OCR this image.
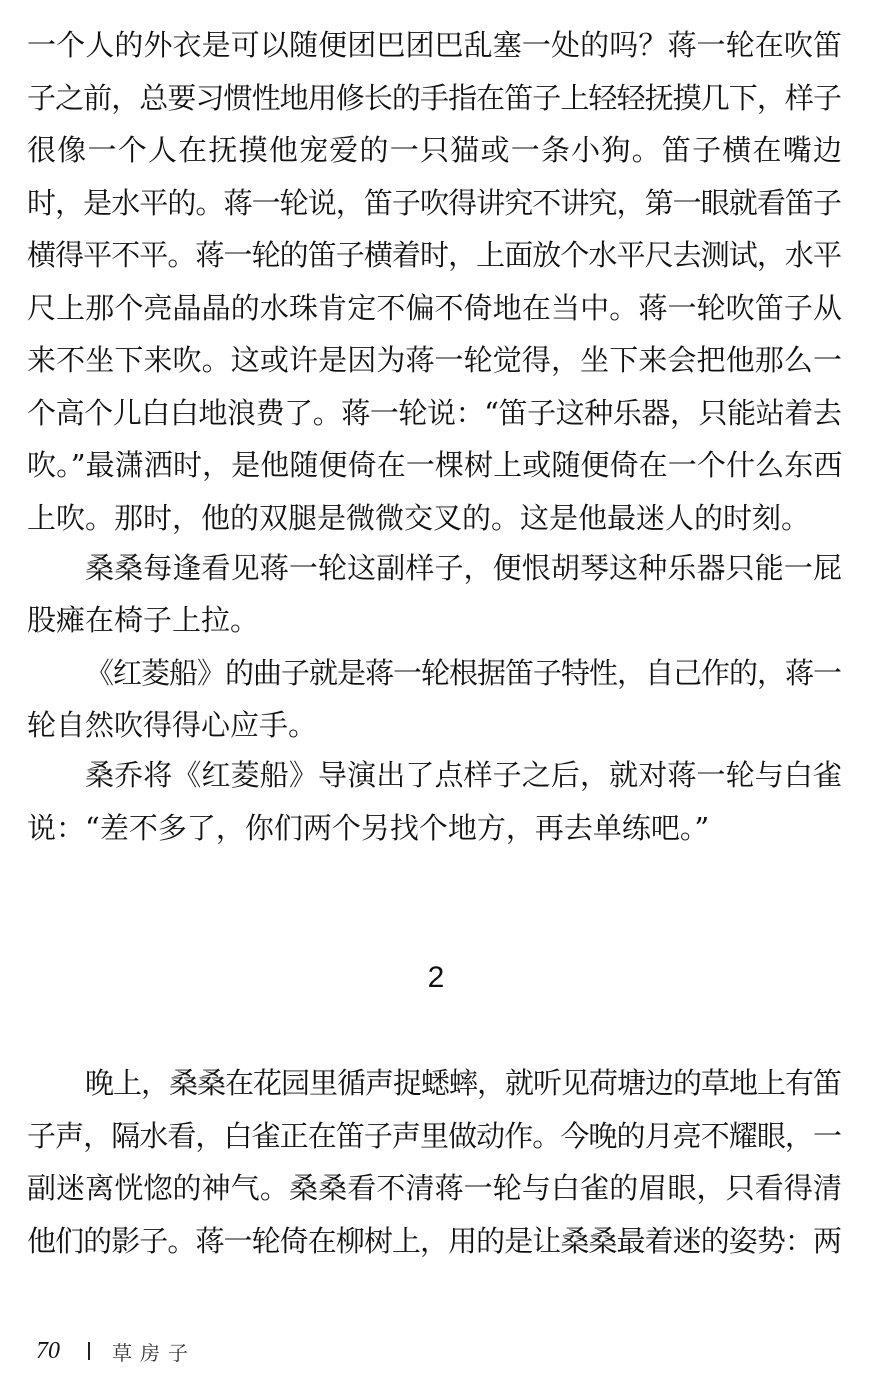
一个人的外衣是可以随便团巴团巴乱塞一处的吗？蒋一轮在吹笛
子之前，总要习惯性地用修长的手指在笛子上轻轻抚摸几下，样子
很像一个人在抚摸他宠爱的一只猫或一条小狗。笛子横在嘴边
时，是水平的。蒋一轮说，笛子吹得讲究不讲究，第一眼就看笛子
横得平不平。蒋一轮的笛子横着时，上面放个水平尺去测试，水平
尺上那个亮晶晶的水珠肯定不偏不倚地在当中。蒋一轮吹笛子从
来不坐下来吹。这或许是因为蒋一轮觉得，坐下来会把他那么一
个高个儿白白地浪费了。蒋一轮说：“笛子这种乐器，只能站着去
吹。”最潇洒时，是他随便倚在一棵树上或随便倚在一个什么东西
上吹。那时，他的双腿是微微交叉的。这是他最迷人的时刻。
桑桑每逢看见蒋一轮这副样子，便恨胡琴这种乐器只能一屁
股瘫在椅子上拉。
《红菱船》的曲子就是蒋一轮根据笛子特性，自己作的，蒋一
轮自然吹得得心应手。
桑乔将《红菱船》导演出了点样子之后，就对蒋一轮与白雀
说：“差不多了，你们两个另找个地方，再去单练吧。”
2
晚上，桑桑在花园里循声捉蟋蟀，就听见荷塘边的草地上有笛
子声，隔水看，白雀正在笛子声里做动作。今晚的月亮不耀眼，一
副迷离恍惚的神气。桑桑看不清蒋一轮与白雀的眉眼，只看得清
他们的影子。蒋一轮倚在柳树上，用的是让桑桑最着迷的姿势：两
70	草房子
